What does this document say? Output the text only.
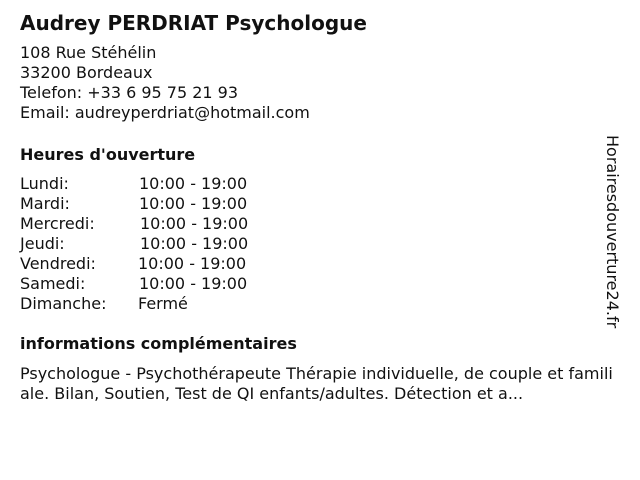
Audrey PERDRIAT Psychologue
108 Rue Stéhélin
33200 Bordeaux
Telefon: +33 6 95 75 21 93
Email: audreyperdriat@hotmail.com
Heures d'ouverture
Lundi:	10:00 - 19:00
Mardi:	10:00 - 19:00
Mercredi:	10:00 - 19:00
Jeudi:	10:00 - 19:00
Vendredi:	10:00 - 19:00
Samedi:	10:00 - 19:00
Dimanche: Fermé
informations complémentaires
Psychologue - Psychothérapeute Thérapie individuelle, de couple et familiale. Bilan, Soutien, Test de QI enfants/adultes. Détection et a...
Horairesdouverture24.fr
